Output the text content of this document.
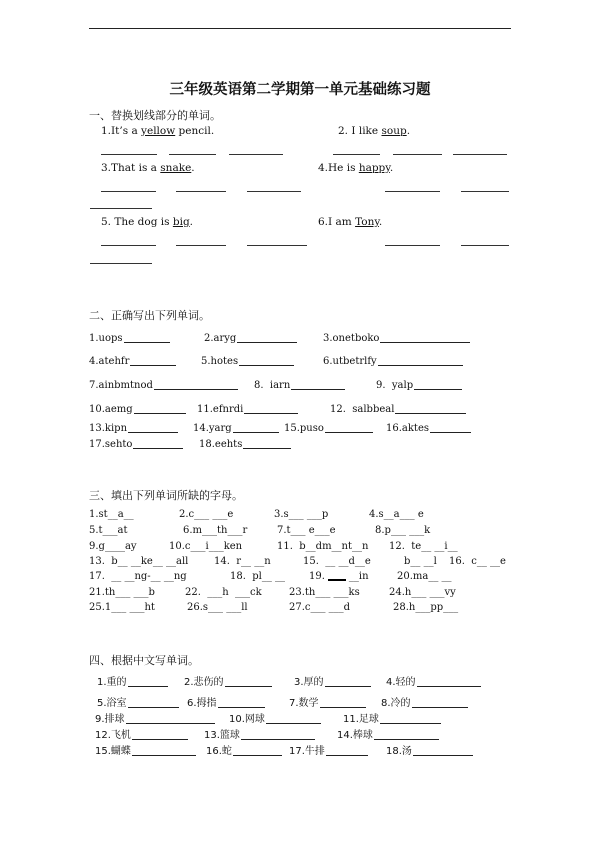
三年级英语第二学期第一单元基础练习题
一、替换划线部分的单词。
1.It’s a yellow pencil.	2. I like soup.
3.That is a snake.	4.He is happy.
5. The dog is big.	6.I am Tony.
二、正确写出下列单词。
1.uops	2.aryg	3.onetboko
4.atehfr	5.hotes	6.utbetrlfy
7.ainbmtnod	8.  iarn	9.  yalp
10.aemg	11.efnrdi	12.  salbbeal
13.kipn	14.yarg	15.puso	16.aktes
17.sehto	18.eehts
三、填出下列单词所缺的字母。
1.st__a__	2.c___ ___e	3.s___ ___p	4.s__a___ e
5.t___at	6.m___th___r	7.t___ e___e	8.p___ ___k
9.g____ay	10.c___i___ken	11.  b__dm__nt__n 12.  te__ __i__
13.  b__ __ke__ __all	14.  r__ __n	15.  __ __d__e	b__ __l 16.  c__ __e
17.  __ __ng-__ __ng	18.  pl__ __ 19. __in	20.ma__ __
21.th___ ___b	22.  ___h  ___ck	23.th___ ___ks	24.h___ ___vy
25.1___ ___ht	26.s___ ___ll	27.c___ ___d	28.h___pp___
四、根据中文写单词。
1.重的	2.悲伤的	3.厚的	4.轻的
5.浴室	6.拇指	7.数学	8.冷的
9.排球	10.网球	11.足球
12.飞机	13.篮球	14.棒球
15.蝴蝶	16.蛇	17.牛排	18.汤
